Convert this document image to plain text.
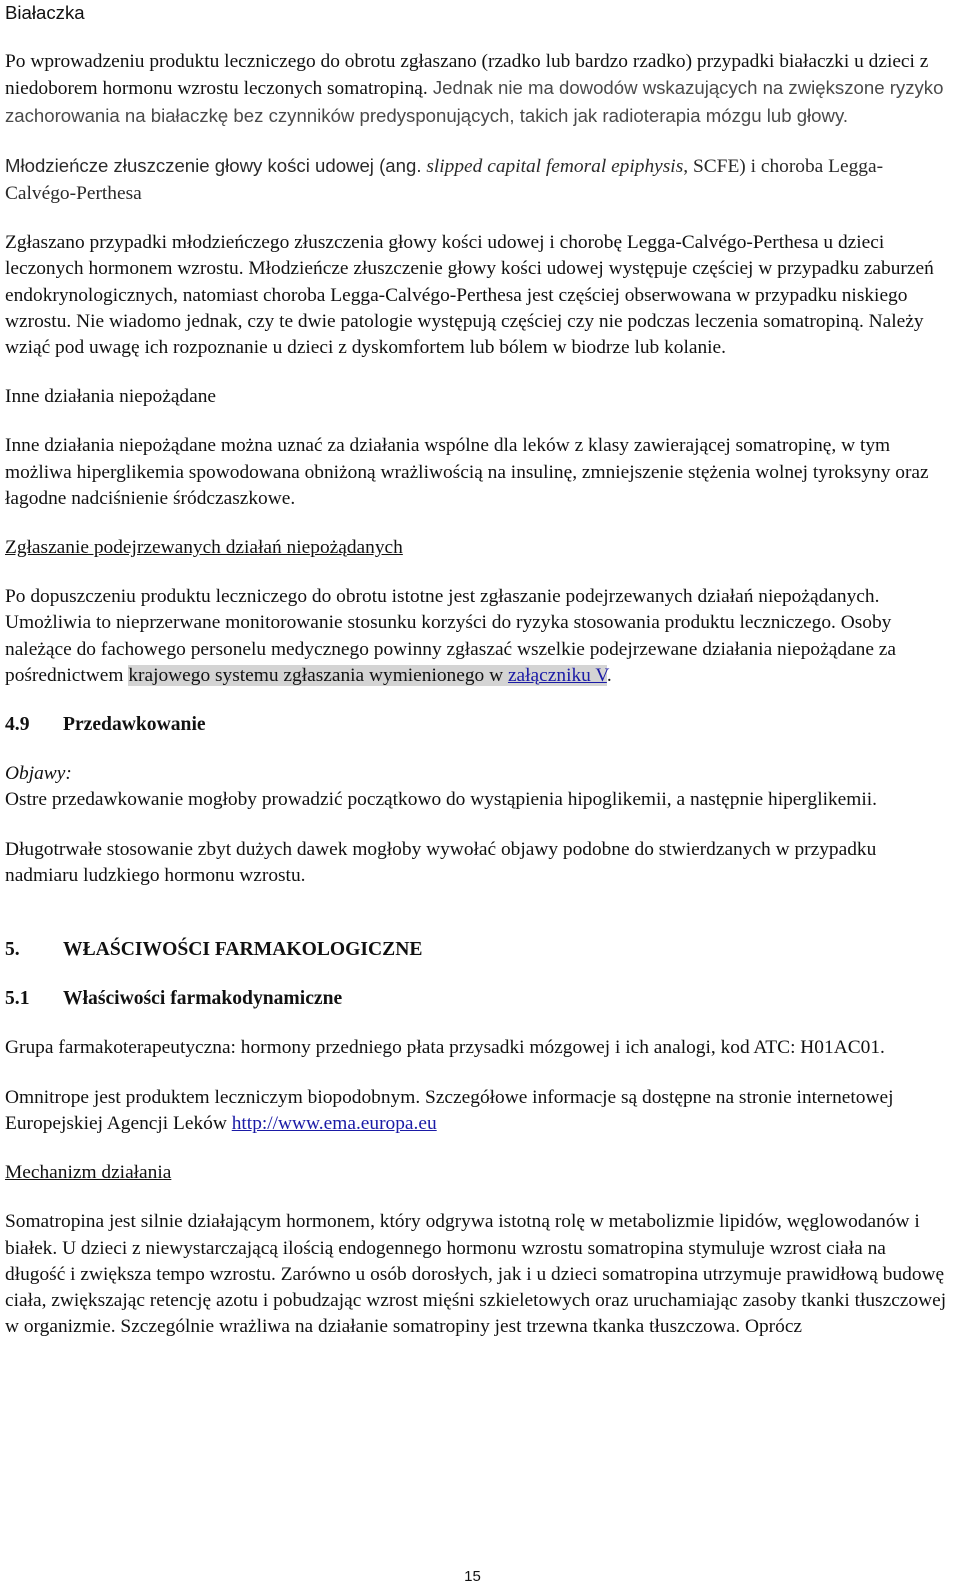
Białaczka

Po wprowadzeniu produktu leczniczego do obrotu zgłaszano (rzadko lub bardzo rzadko) przypadki białaczki u dzieci z niedoborem hormonu wzrostu leczonych somatropiną. Jednak nie ma dowodów wskazujących na zwiększone ryzyko zachorowania na białaczkę bez czynników predysponujących, takich jak radioterapia mózgu lub głowy.

Młodzieńcze złuszczenie głowy kości udowej (ang. slipped capital femoral epiphysis, SCFE) i choroba Legga-Calvégo-Perthesa

Zgłaszano przypadki młodzieńczego złuszczenia głowy kości udowej i chorobę Legga-Calvégo-Perthesa u dzieci leczonych hormonem wzrostu. Młodzieńcze złuszczenie głowy kości udowej występuje częściej w przypadku zaburzeń endokrynologicznych, natomiast choroba Legga-Calvégo-Perthesa jest częściej obserwowana w przypadku niskiego wzrostu. Nie wiadomo jednak, czy te dwie patologie występują częściej czy nie podczas leczenia somatropiną. Należy wziąć pod uwagę ich rozpoznanie u dzieci z dyskomfortem lub bólem w biodrze lub kolanie.

Inne działania niepożądane

Inne działania niepożądane można uznać za działania wspólne dla leków z klasy zawierającej somatropinę, w tym możliwa hiperglikemia spowodowana obniżoną wrażliwością na insulinę, zmniejszenie stężenia wolnej tyroksyny oraz łagodne nadciśnienie śródczaszkowe.

Zgłaszanie podejrzewanych działań niepożądanych

Po dopuszczeniu produktu leczniczego do obrotu istotne jest zgłaszanie podejrzewanych działań niepożądanych. Umożliwia to nieprzerwane monitorowanie stosunku korzyści do ryzyka stosowania produktu leczniczego. Osoby należące do fachowego personelu medycznego powinny zgłaszać wszelkie podejrzewane działania niepożądane za pośrednictwem krajowego systemu zgłaszania wymienionego w załączniku V.

4.9 Przedawkowanie

Objawy:

Ostre przedawkowanie mogłoby prowadzić początkowo do wystąpienia hipoglikemii, a następnie hiperglikemii.

Długotrwałe stosowanie zbyt dużych dawek mogłoby wywołać objawy podobne do stwierdzanych w przypadku nadmiaru ludzkiego hormonu wzrostu.

5. WŁAŚCIWOŚCI FARMAKOLOGICZNE

5.1 Właściwości farmakodynamiczne

Grupa farmakoterapeutyczna: hormony przedniego płata przysadki mózgowej i ich analogi, kod ATC: H01AC01.

Omnitrope jest produktem leczniczym biopodobnym. Szczegółowe informacje są dostępne na stronie internetowej Europejskiej Agencji Leków http://www.ema.europa.eu

Mechanizm działania

Somatropina jest silnie działającym hormonem, który odgrywa istotną rolę w metabolizmie lipidów, węglowodanów i białek. U dzieci z niewystarczającą ilością endogennego hormonu wzrostu somatropina stymuluje wzrost ciała na długość i zwiększa tempo wzrostu. Zarówno u osób dorosłych, jak i u dzieci somatropina utrzymuje prawidłową budowę ciała, zwiększając retencję azotu i pobudzając wzrost mięśni szkieletowych oraz uruchamiając zasoby tkanki tłuszczowej w organizmie. Szczególnie wrażliwa na działanie somatropiny jest trzewna tkanka tłuszczowa. Oprócz

15
